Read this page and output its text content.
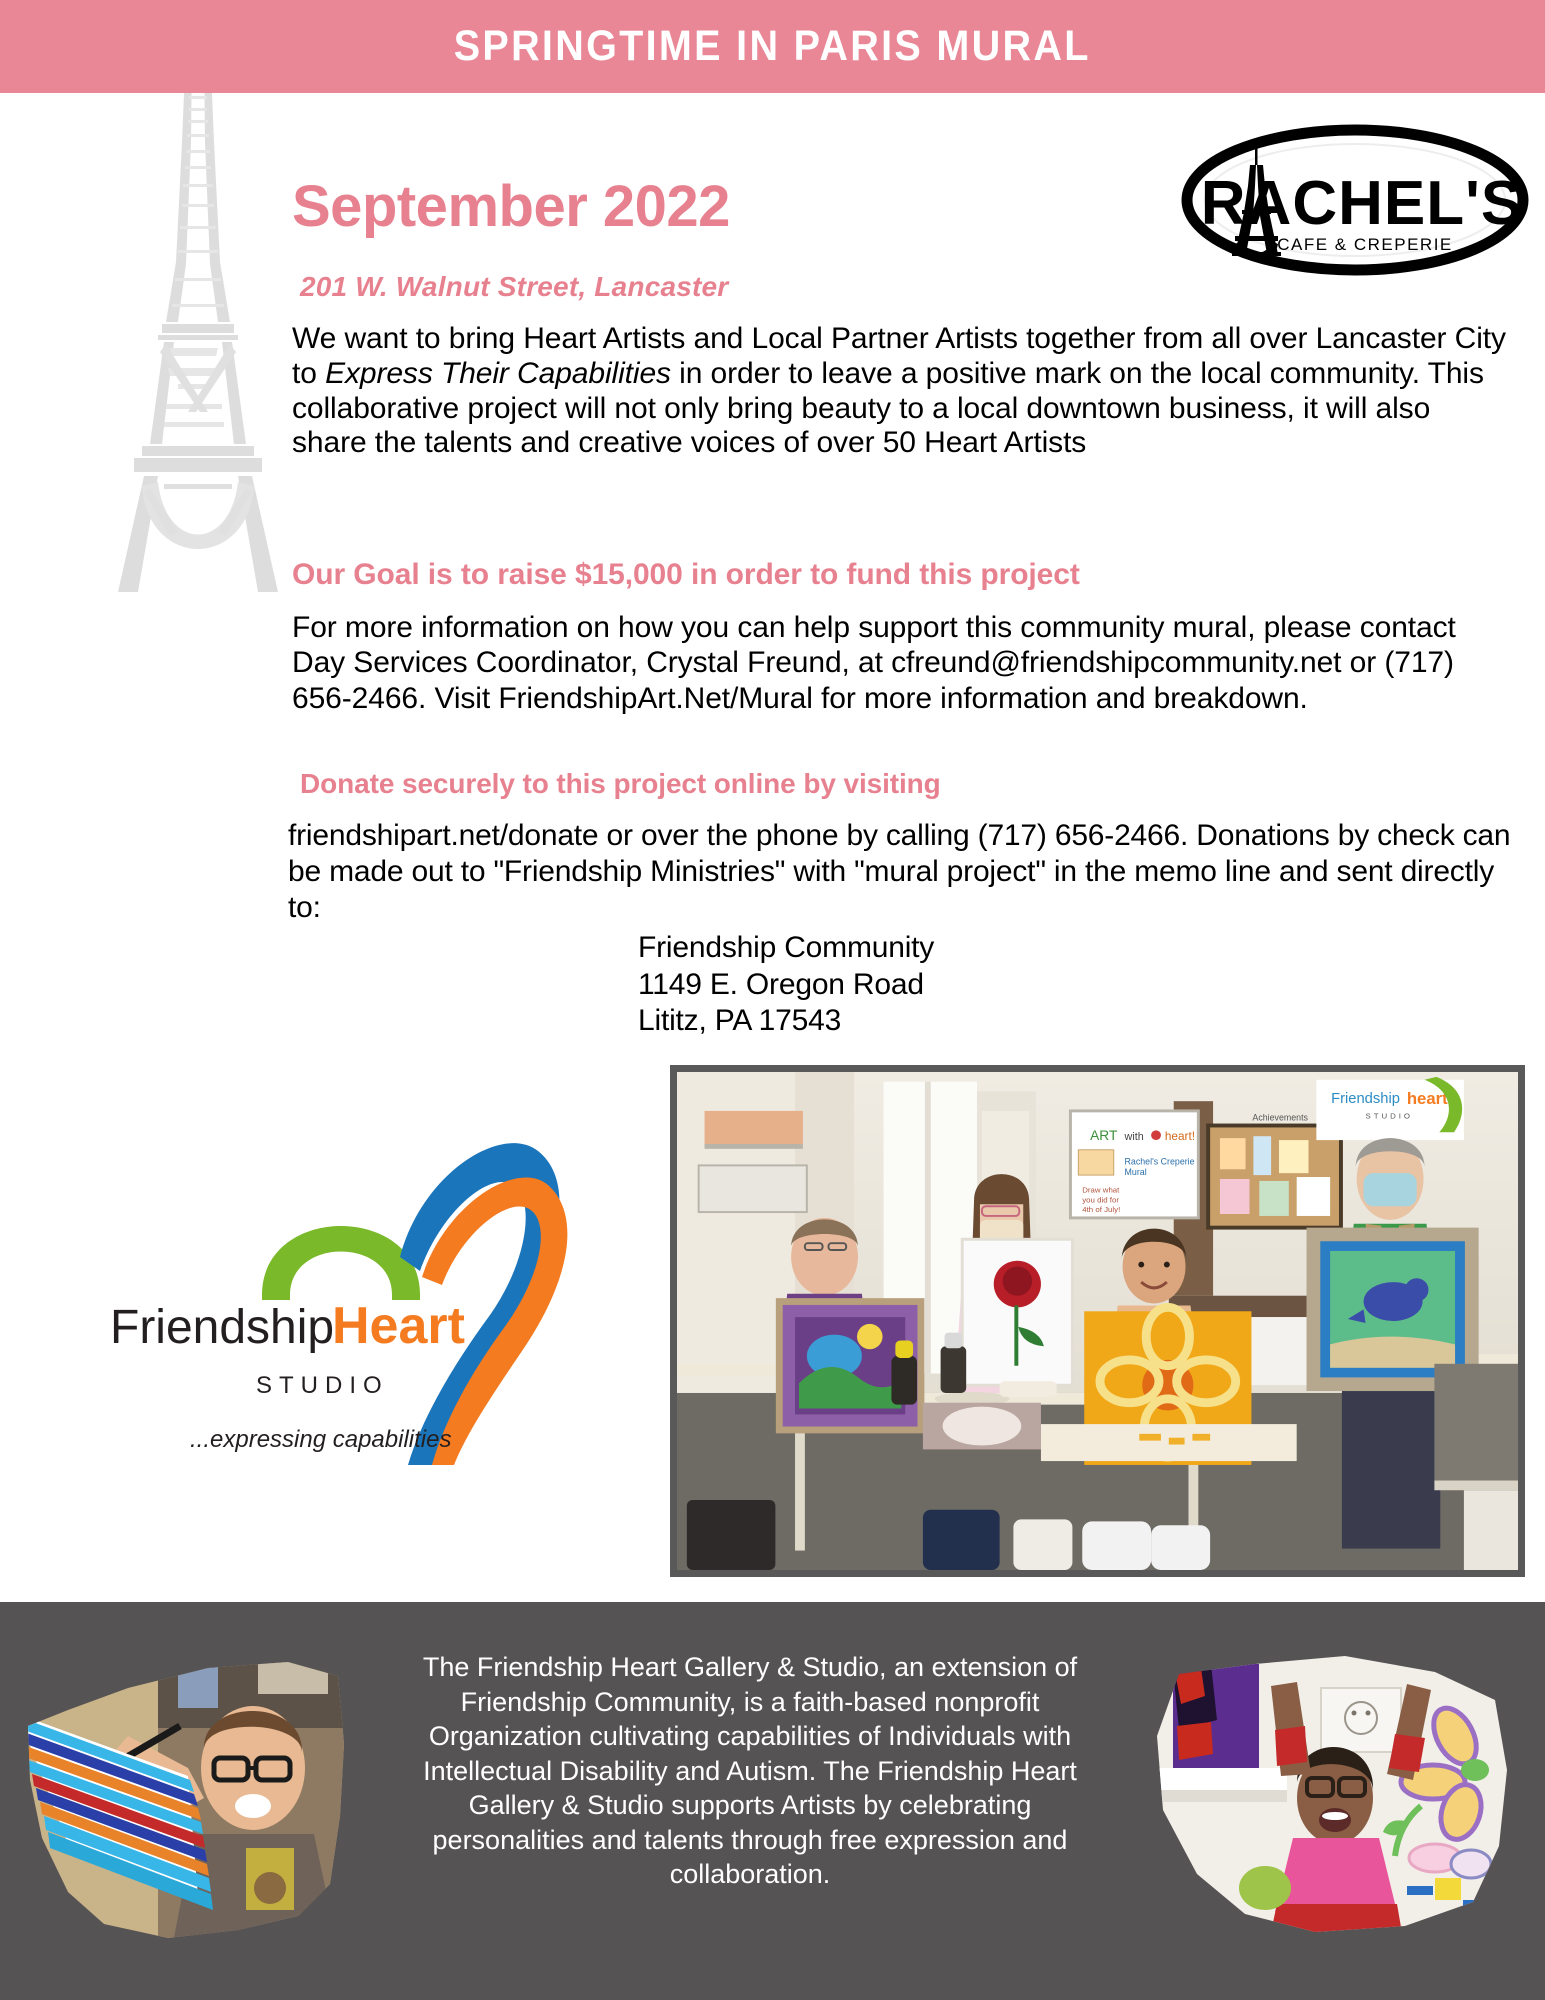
SPRINGTIME IN PARIS MURAL
RACHEL'S
CAFE & CREPERIE
September 2022
201 W. Walnut Street, Lancaster
We want to bring Heart Artists and Local Partner Artists together from all over Lancaster City to Express Their Capabilities in order to leave a positive mark on the local community. This collaborative project will not only bring beauty to a local downtown business, it will also share the talents and creative voices of over 50 Heart Artists
Our Goal is to raise $15,000 in order to fund this project
For more information on how you can help support this community mural, please contact Day Services Coordinator, Crystal Freund, at cfreund@friendshipcommunity.net or (717) 656-2466. Visit FriendshipArt.Net/Mural for more information and breakdown.
Donate securely to this project online by visiting
friendshipart.net/donate or over the phone by calling (717) 656-2466. Donations by check can be made out to "Friendship Ministries" with "mural project" in the memo line and sent directly to:
Friendship Community
1149 E. Oregon Road
Lititz, PA 17543
Friendship
Heart
STUDIO
...expressing capabilities
ART with heart!
Rachel's Creperie
Mural
Draw what
you did for
4th of July!
Achievements
Friendship heart
STUDIO
The Friendship Heart Gallery & Studio, an extension of Friendship Community, is a faith-based nonprofit Organization cultivating capabilities of Individuals with Intellectual Disability and Autism. The Friendship Heart Gallery & Studio supports Artists by celebrating personalities and talents through free expression and collaboration.
